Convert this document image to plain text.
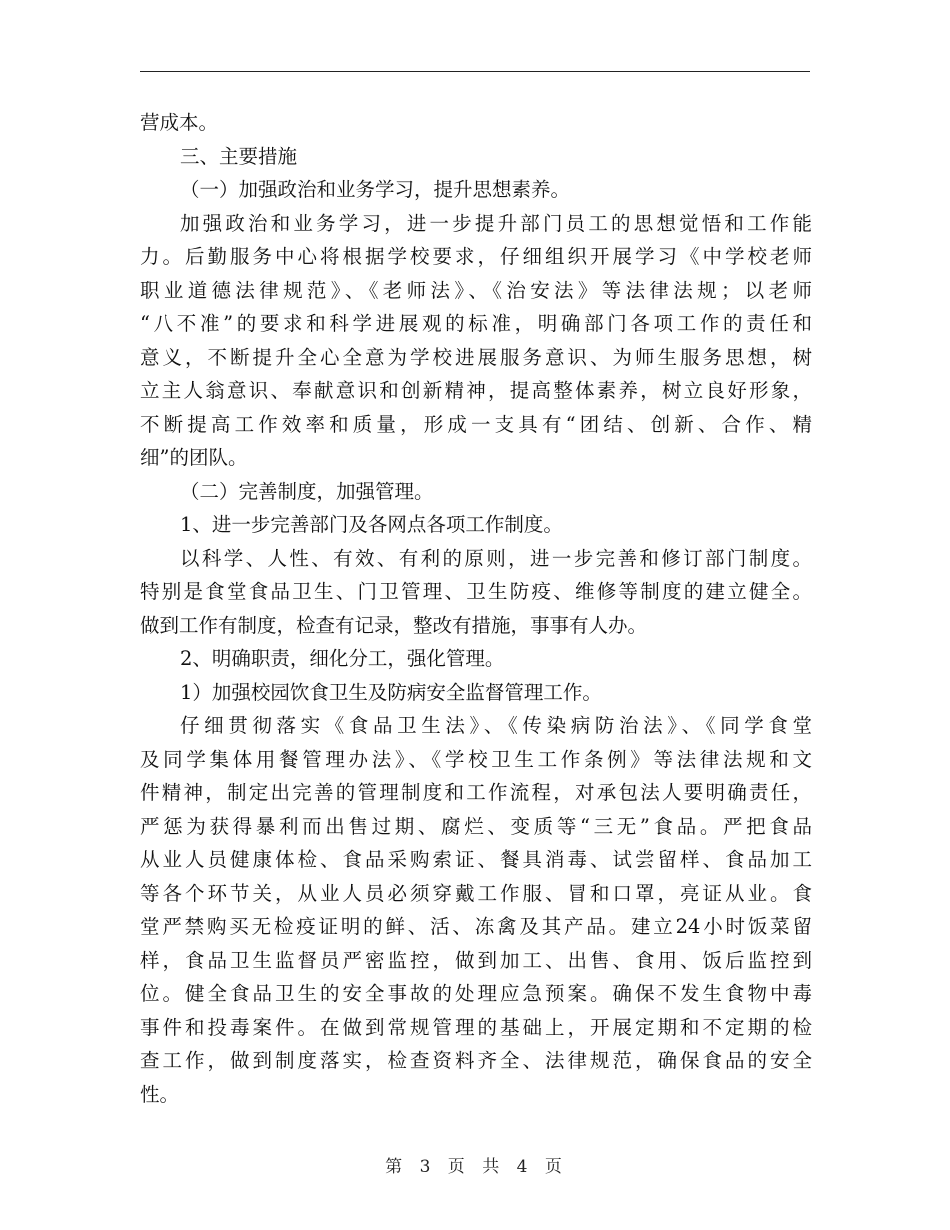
营成本。
三、主要措施
（一）加强政治和业务学习，提升思想素养。
加强政治和业务学习，进一步提升部门员工的思想觉悟和工作能
力。后勤服务中心将根据学校要求，仔细组织开展学习《中学校老师
职业道德法律规范》、《老师法》、《治安法》等法律法规；以老师
“八不准”的要求和科学进展观的标准，明确部门各项工作的责任和
意义，不断提升全心全意为学校进展服务意识、为师生服务思想，树
立主人翁意识、奉献意识和创新精神，提高整体素养，树立良好形象，
不断提高工作效率和质量，形成一支具有“团结、创新、合作、精
细”的团队。
（二）完善制度，加强管理。
1、进一步完善部门及各网点各项工作制度。
以科学、人性、有效、有利的原则，进一步完善和修订部门制度。
特别是食堂食品卫生、门卫管理、卫生防疫、维修等制度的建立健全。
做到工作有制度，检查有记录，整改有措施，事事有人办。
2、明确职责，细化分工，强化管理。
1）加强校园饮食卫生及防病安全监督管理工作。
仔细贯彻落实《食品卫生法》、《传染病防治法》、《同学食堂
及同学集体用餐管理办法》、《学校卫生工作条例》等法律法规和文
件精神，制定出完善的管理制度和工作流程，对承包法人要明确责任，
严惩为获得暴利而出售过期、腐烂、变质等“三无”食品。严把食品
从业人员健康体检、食品采购索证、餐具消毒、试尝留样、食品加工
等各个环节关，从业人员必须穿戴工作服、冒和口罩，亮证从业。食
堂严禁购买无检疫证明的鲜、活、冻禽及其产品。建立24小时饭菜留
样，食品卫生监督员严密监控，做到加工、出售、食用、饭后监控到
位。健全食品卫生的安全事故的处理应急预案。确保不发生食物中毒
事件和投毒案件。在做到常规管理的基础上，开展定期和不定期的检
查工作，做到制度落实，检查资料齐全、法律规范，确保食品的安全
性。
第 3 页 共 4 页
